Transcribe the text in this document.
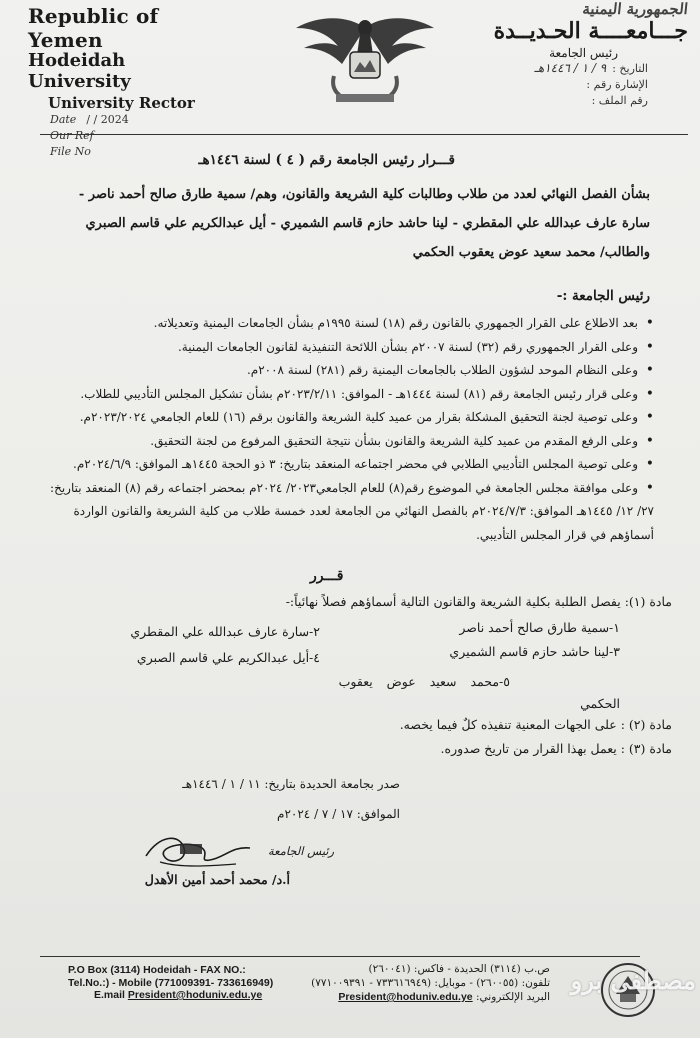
Republic of Yemen
Hodeidah University
University Rector
Date / / 2024
Our Ref
File No
الجمهورية اليمنية
جـــامعــــة الحـديــدة
رئيس الجامعة
التاريخ :٩ / ١ / ١٤٤٦هـ
الإشارة رقم :
رقم الملف :
قـــرار رئيس الجامعة رقم ( ٤ ) لسنة ١٤٤٦هـ
بشأن الفصل النهائي لعدد من طلاب وطالبات كلية الشريعة والقانون، وهم/ سمية طارق صالح أحمد ناصر -
سارة عارف عبدالله علي المقطري - لينا حاشد حازم قاسم الشميري - أيل عبدالكريم علي قاسم الصبري
والطالب/ محمد سعيد عوض يعقوب الحكمي
رئيس الجامعة :-
• بعد الاطلاع على القرار الجمهوري بالقانون رقم (١٨) لسنة ١٩٩٥م بشأن الجامعات اليمنية وتعديلاته.
• وعلى القرار الجمهوري رقم (٣٢) لسنة ٢٠٠٧م بشأن اللائحة التنفيذية لقانون الجامعات اليمنية.
• وعلى النظام الموحد لشؤون الطلاب بالجامعات اليمنية رقم (٢٨١) لسنة ٢٠٠٨م.
• وعلى قرار رئيس الجامعة رقم (٨١) لسنة ١٤٤٤هـ - الموافق: ٢٠٢٣/٢/١١م بشأن تشكيل المجلس التأديبي للطلاب.
• وعلى توصية لجنة التحقيق المشكلة بقرار من عميد كلية الشريعة والقانون برقم (١٦) للعام الجامعي ٢٠٢٣/٢٠٢٤م.
• وعلى الرفع المقدم من عميد كلية الشريعة والقانون بشأن نتيجة التحقيق المرفوع من لجنة التحقيق.
• وعلى توصية المجلس التأديبي الطلابي في محضر اجتماعه المنعقد بتاريخ: ٣ ذو الحجة ١٤٤٥هـ الموافق: ٢٠٢٤/٦/٩م.
• وعلى موافقة مجلس الجامعة في الموضوع رقم(٨) للعام الجامعي٢٠٢٣/ ٢٠٢٤م بمحضر اجتماعه رقم (٨) المنعقد بتاريخ:
٢٧/ ١٢/ ١٤٤٥هـ الموافق: ٢٠٢٤/٧/٣م بالفصل النهائي من الجامعة لعدد خمسة طلاب من كلية الشريعة والقانون الواردة
أسماؤهم في قرار المجلس التأديبي.
قـــرر
مادة (١): يفصل الطلبة بكلية الشريعة والقانون التالية أسماؤهم فصلاً نهائياً:-
١-سمية طارق صالح أحمد ناصر
٢-سارة عارف عبدالله علي المقطري
٣-لينا حاشد حازم قاسم الشميري
٤-أيل عبدالكريم علي قاسم الصبري
٥-محمد سعيد عوض يعقوب
الحكمي
مادة (٢) : على الجهات المعنية تنفيذه كلٌ فيما يخصه.
مادة (٣) : يعمل بهذا القرار من تاريخ صدوره.
صدر بجامعة الحديدة بتاريخ: ١١ / ١ / ١٤٤٦هـ
الموافق: ١٧ / ٧ / ٢٠٢٤م
رئيس الجامعة
أ.د/ محمد أحمد أمين الأهدل
P.O Box (3114) Hodeidah - FAX NO.:
Tel.No.:) - Mobile (771009391- 733616949)
E.mail President@hoduniv.edu.ye
ص.ب (٣١١٤) الحديدة - فاكس: (٢٦٠٠٤١)
تلفون: (٢٦٠٠٥٥) - موبايل: (٧٣٣٦١٦٩٤٩ - ٧٧١٠٠٩٣٩١)
البريد الإلكتروني: President@hoduniv.edu.ye
مصطفى برو
